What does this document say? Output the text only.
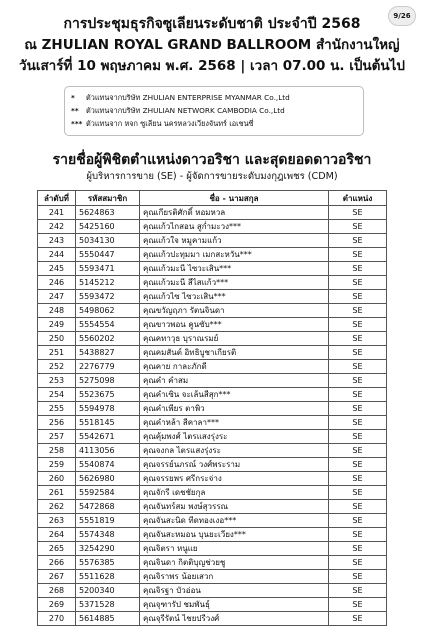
9/26
การประชุมธุรกิจซูเลียนระดับชาติ ประจำปี 2568
ณ ZHULIAN ROYAL GRAND BALLROOM สำนักงานใหญ่
วันเสาร์ที่ 10 พฤษภาคม พ.ศ. 2568 | เวลา 07.00 น. เป็นต้นไป
*	ตัวแทนจากบริษัท ZHULIAN ENTERPRISE MYANMAR Co.,Ltd
**	ตัวแทนจากบริษัท ZHULIAN NETWORK CAMBODIA Co.,Ltd
*** ตัวแทนจาก หจก ซูเลียน นครหลวงเวียงจันทร์ เอเชนซี่
รายชื่อผู้พิชิตตำแหน่งดาวอริชา และสุดยอดดาวอริชา
ผู้บริหารการขาย (SE) - ผู้จัดการขายระดับมงกุฎเพชร (CDM)
ลำดับที่	รหัสสมาชิก	ชื่อ - นามสกุล	ตำแหน่ง
241	5624863	คุณเกียรติศักดิ์ หอมหวล	SE
242	5425160	คุณแก้วไกสอน สูก่ำมะวง***	SE
243	5034130	คุณแก้วใจ หมูคามแก้ว	SE
244	5550447	คุณแก้วปะทุมมา เมกสะหวัน***	SE
245	5593471	คุณแก้วมะนี ไซวะเสิน***	SE
246	5145212	คุณแก้วมะนี สีไสแก้ว***	SE
247	5593472	คุณแก้วไซ ไซวะเสิน***	SE
248	5498062	คุณขวัญฤภา รัตนจินดา	SE
249	5554554	คุณขาวพอน คูนซับ***	SE
250	5560202	คุณคทาวุธ บุราณรมย์	SE
251	5438827	คุณคมสันต์ อิทธิบูชาเกียรติ	SE
252	2276779	คุณคาย กาละภักดี	SE
253	5275098	คุณคำ คำสม	SE
254	5523675	คุณคำเซิน จะเล้นสีสุก***	SE
255	5594978	คุณคำเพียร ตาพิว	SE
256	5518145	คุณคำหล้า สีคาลา***	SE
257	5542671	คุณคุ้มพงศ์ ไตรแสงรุ่งระ	SE
258	4113056	คุณจงกล ไตรแสงรุ่งระ	SE
259	5540874	คุณจรรย์นภรณ์ วงศ์พระราม	SE
260	5626980	คุณจรรยพร ศรีกระจ่าง	SE
261	5592584	คุณจักรี เดชชัยกุล	SE
262	5472868	คุณจันทร์สม พงษ์สุวรรณ	SE
263	5551819	คุณจันสะนิด ทีดทองเงอ***	SE
264	5574348	คุณจันสะหมอน บุนยะเวียง***	SE
265	3254290	คุณจิตรา หนูแย	SE
266	5576385	คุณจินดา กิตติบุญช่วยชู	SE
267	5511628	คุณจิราพร น้อยเสวก	SE
268	5200340	คุณจิรฐา บัวอ่อน	SE
269	5371528	คุณจุฑารัป ชมพันธุ์	SE
270	5614885	คุณจุรีรัตน์ ไชยปรีวงศ์	SE
